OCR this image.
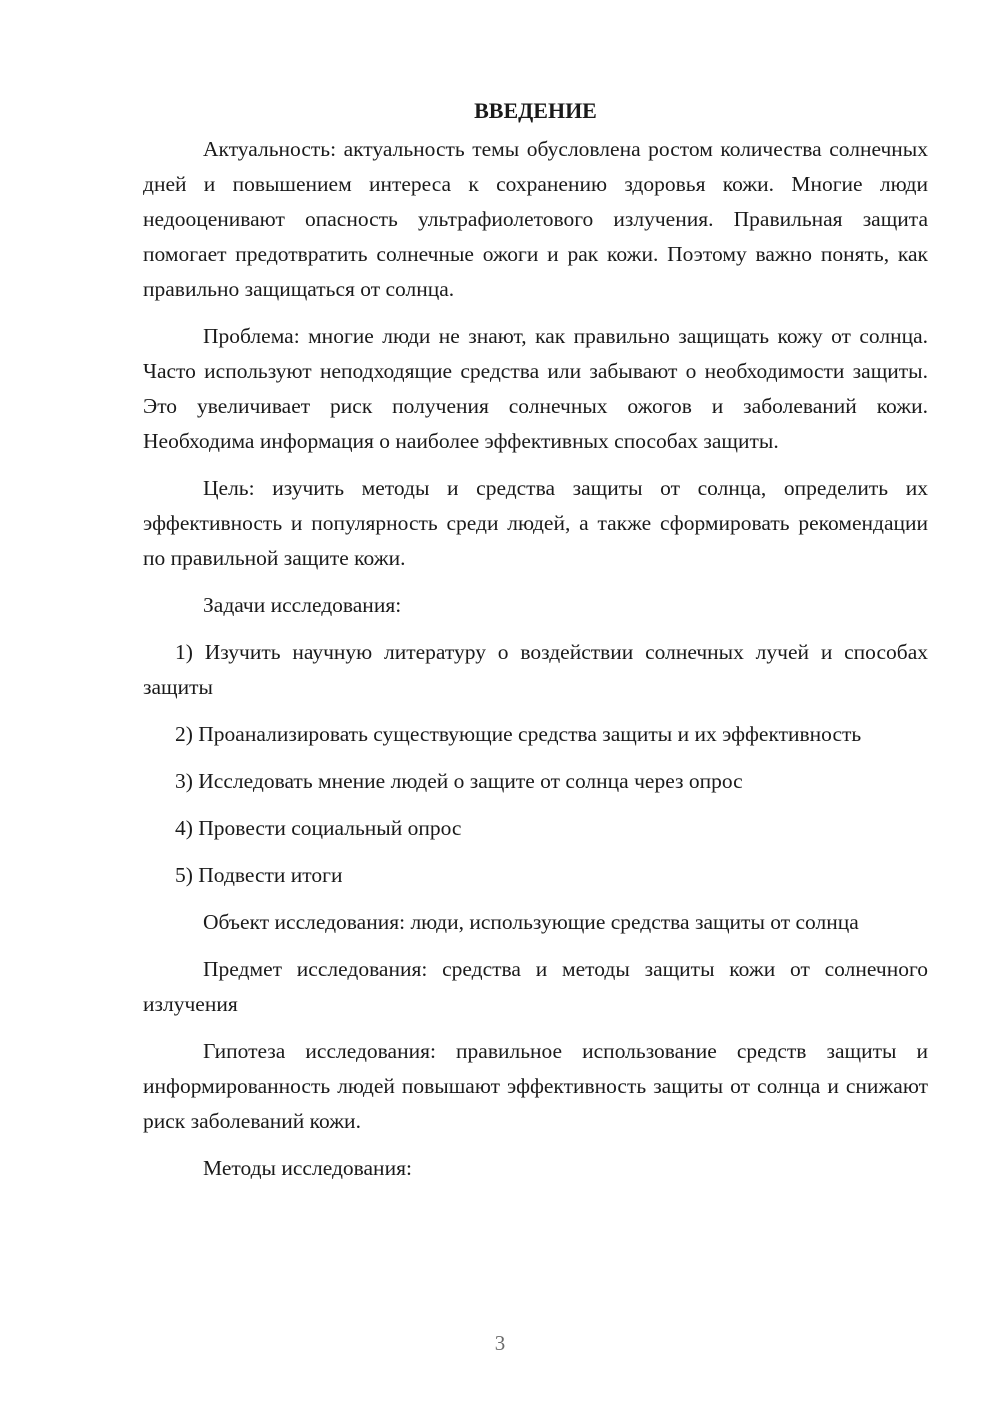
ВВЕДЕНИЕ

Актуальность: актуальность темы обусловлена ростом количества солнечных дней и повышением интереса к сохранению здоровья кожи. Многие люди недооценивают опасность ультрафиолетового излучения. Правильная защита помогает предотвратить солнечные ожоги и рак кожи. Поэтому важно понять, как правильно защищаться от солнца.

Проблема: многие люди не знают, как правильно защищать кожу от солнца. Часто используют неподходящие средства или забывают о необходимости защиты. Это увеличивает риск получения солнечных ожогов и заболеваний кожи. Необходима информация о наиболее эффективных способах защиты.

Цель: изучить методы и средства защиты от солнца, определить их эффективность и популярность среди людей, а также сформировать рекомендации по правильной защите кожи.

Задачи исследования:

1) Изучить научную литературу о воздействии солнечных лучей и способах защиты

2) Проанализировать существующие средства защиты и их эффективность

3) Исследовать мнение людей о защите от солнца через опрос

4) Провести социальный опрос

5) Подвести итоги

Объект исследования: люди, использующие средства защиты от солнца

Предмет исследования: средства и методы защиты кожи от солнечного излучения

Гипотеза исследования: правильное использование средств защиты и информированность людей повышают эффективность защиты от солнца и снижают риск заболеваний кожи.

Методы исследования:

3
